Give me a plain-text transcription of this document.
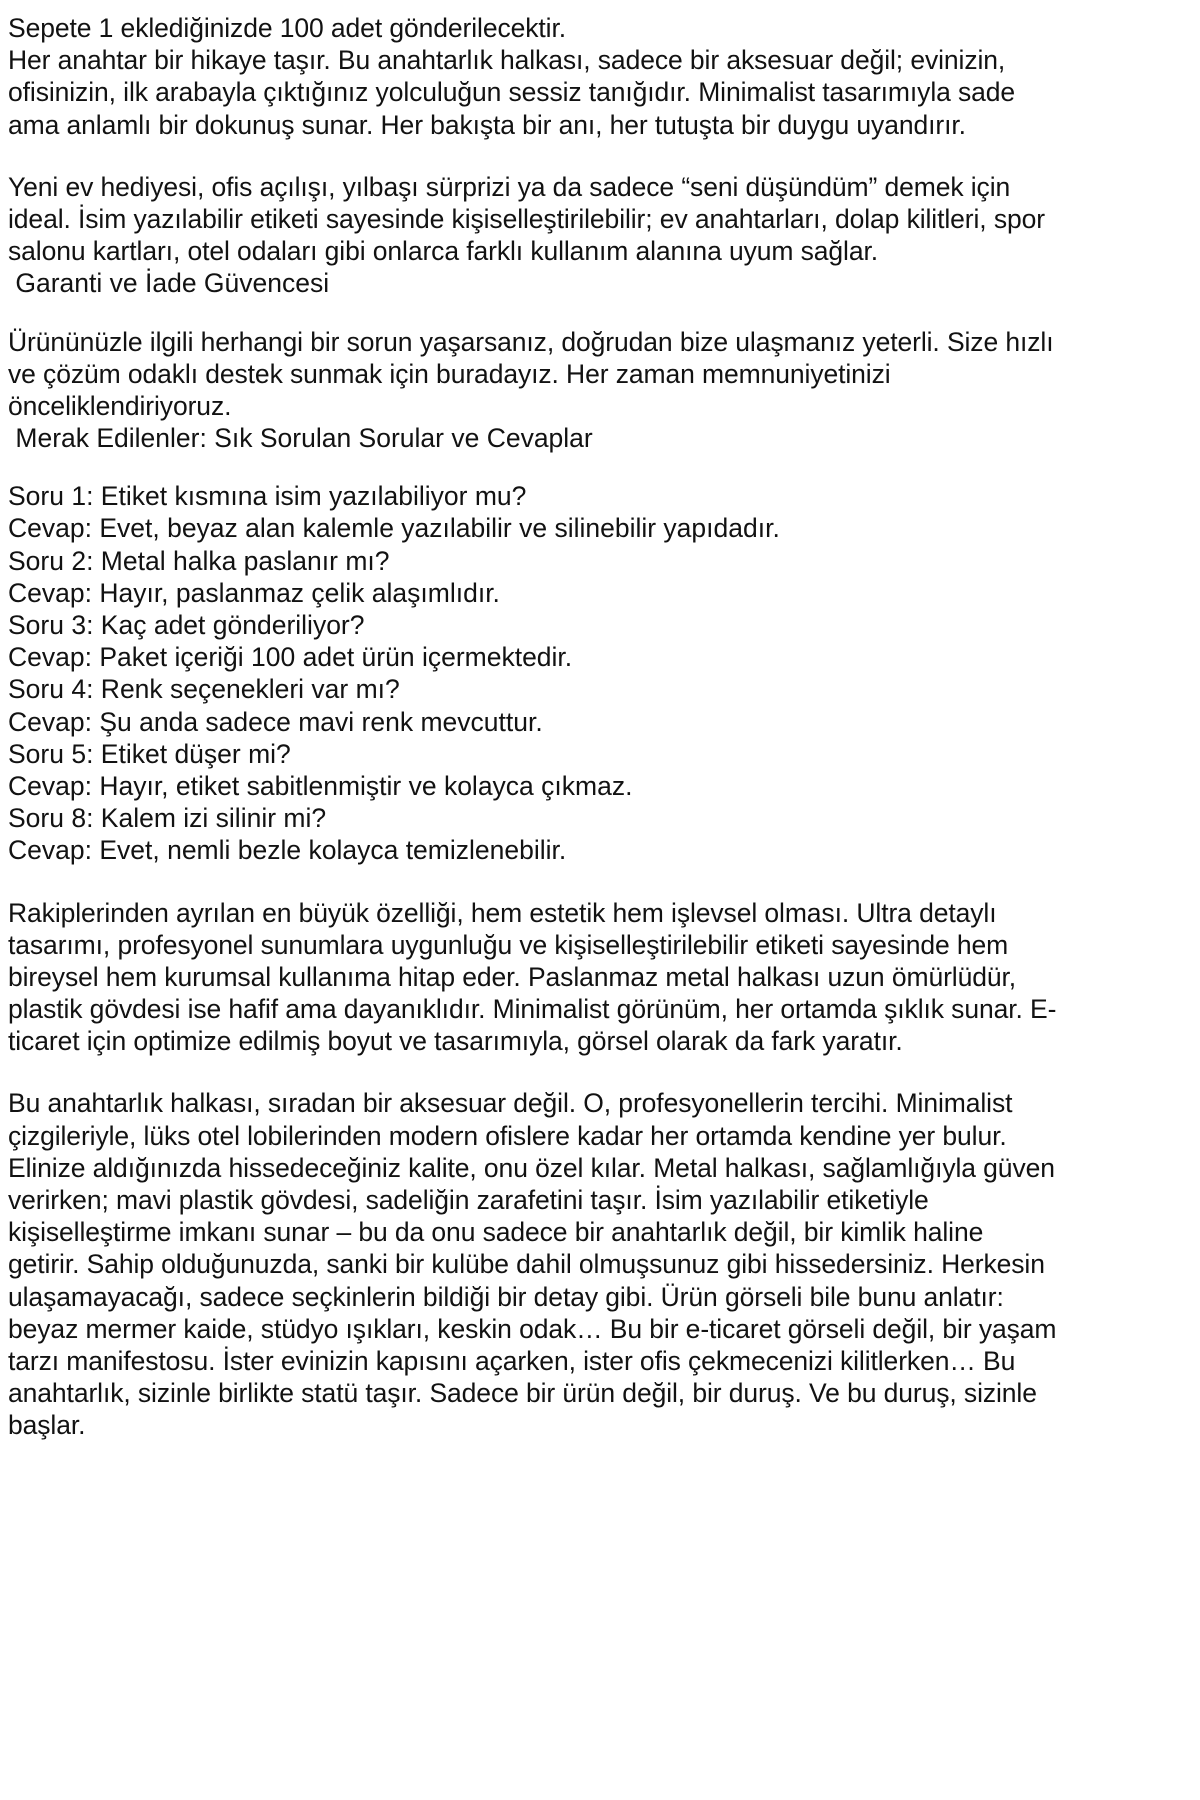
Sepete 1 eklediğinizde 100 adet gönderilecektir.

Her anahtar bir hikaye taşır. Bu anahtarlık halkası, sadece bir aksesuar değil; evinizin, ofisinizin, ilk arabayla çıktığınız yolculuğun sessiz tanığıdır. Minimalist tasarımıyla sade ama anlamlı bir dokunuş sunar. Her bakışta bir anı, her tutuşta bir duygu uyandırır.

Yeni ev hediyesi, ofis açılışı, yılbaşı sürprizi ya da sadece “seni düşündüm” demek için ideal. İsim yazılabilir etiketi sayesinde kişiselleştirilebilir; ev anahtarları, dolap kilitleri, spor salonu kartları, otel odaları gibi onlarca farklı kullanım alanına uyum sağlar.

Garanti ve İade Güvencesi

Ürününüzle ilgili herhangi bir sorun yaşarsanız, doğrudan bize ulaşmanız yeterli. Size hızlı ve çözüm odaklı destek sunmak için buradayız. Her zaman memnuniyetinizi önceliklendiriyoruz.

Merak Edilenler: Sık Sorulan Sorular ve Cevaplar

Soru 1: Etiket kısmına isim yazılabiliyor mu?
Cevap: Evet, beyaz alan kalemle yazılabilir ve silinebilir yapıdadır.
Soru 2: Metal halka paslanır mı?
Cevap: Hayır, paslanmaz çelik alaşımlıdır.
Soru 3: Kaç adet gönderiliyor?
Cevap: Paket içeriği 100 adet ürün içermektedir.
Soru 4: Renk seçenekleri var mı?
Cevap: Şu anda sadece mavi renk mevcuttur.
Soru 5: Etiket düşer mi?
Cevap: Hayır, etiket sabitlenmiştir ve kolayca çıkmaz.
Soru 8: Kalem izi silinir mi?
Cevap: Evet, nemli bezle kolayca temizlenebilir.

Rakiplerinden ayrılan en büyük özelliği, hem estetik hem işlevsel olması. Ultra detaylı tasarımı, profesyonel sunumlara uygunluğu ve kişiselleştirilebilir etiketi sayesinde hem bireysel hem kurumsal kullanıma hitap eder. Paslanmaz metal halkası uzun ömürlüdür, plastik gövdesi ise hafif ama dayanıklıdır. Minimalist görünüm, her ortamda şıklık sunar. E-ticaret için optimize edilmiş boyut ve tasarımıyla, görsel olarak da fark yaratır.

Bu anahtarlık halkası, sıradan bir aksesuar değil. O, profesyonellerin tercihi. Minimalist çizgileriyle, lüks otel lobilerinden modern ofislere kadar her ortamda kendine yer bulur. Elinize aldığınızda hissedeceğiniz kalite, onu özel kılar. Metal halkası, sağlamlığıyla güven verirken; mavi plastik gövdesi, sadeliğin zarafetini taşır. İsim yazılabilir etiketiyle kişiselleştirme imkanı sunar – bu da onu sadece bir anahtarlık değil, bir kimlik haline getirir. Sahip olduğunuzda, sanki bir kulübe dahil olmuşsunuz gibi hissedersiniz. Herkesin ulaşamayacağı, sadece seçkinlerin bildiği bir detay gibi. Ürün görseli bile bunu anlatır: beyaz mermer kaide, stüdyo ışıkları, keskin odak… Bu bir e-ticaret görseli değil, bir yaşam tarzı manifestosu. İster evinizin kapısını açarken, ister ofis çekmecenizi kilitlerken… Bu anahtarlık, sizinle birlikte statü taşır. Sadece bir ürün değil, bir duruş. Ve bu duruş, sizinle başlar.
